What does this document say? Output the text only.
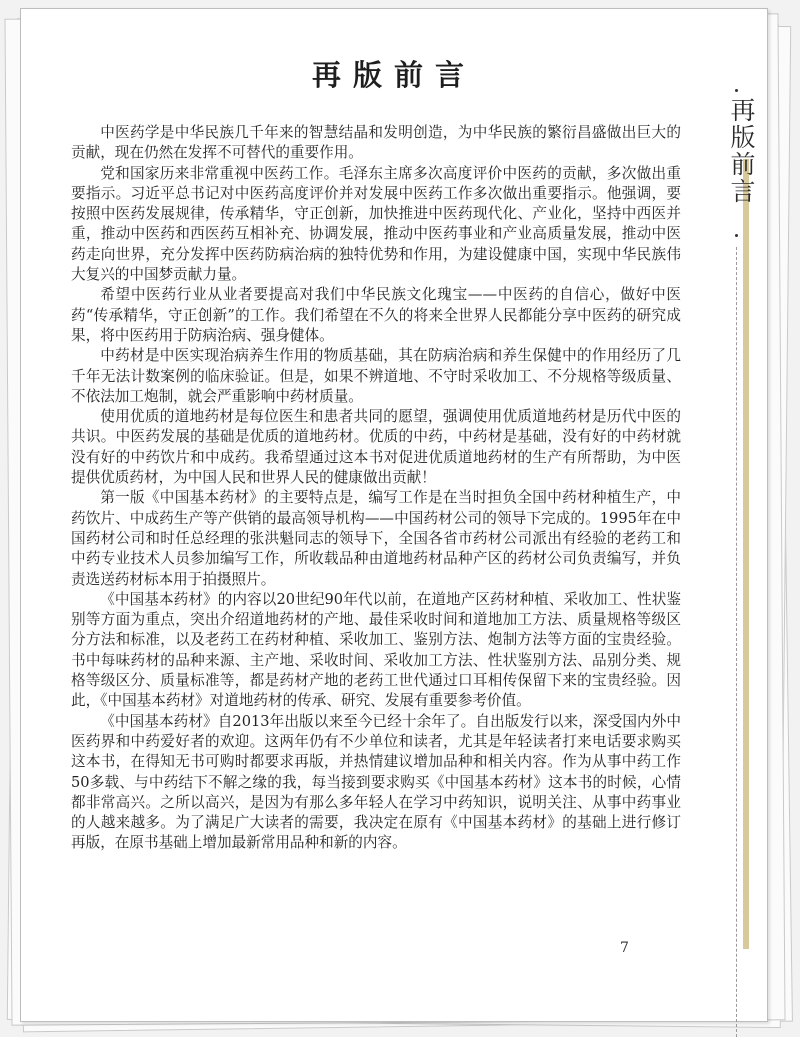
再版前言
再版前言

中医药学是中华民族几千年来的智慧结晶和发明创造，为中华民族的繁衍昌盛做出巨大的贡献，现在仍然在发挥不可替代的重要作用。

党和国家历来非常重视中医药工作。毛泽东主席多次高度评价中医药的贡献，多次做出重要指示。习近平总书记对中医药高度评价并对发展中医药工作多次做出重要指示。他强调，要按照中医药发展规律，传承精华，守正创新，加快推进中医药现代化、产业化，坚持中西医并重，推动中医药和西医药互相补充、协调发展，推动中医药事业和产业高质量发展，推动中医药走向世界，充分发挥中医药防病治病的独特优势和作用，为建设健康中国，实现中华民族伟大复兴的中国梦贡献力量。

希望中医药行业从业者要提高对我们中华民族文化瑰宝——中医药的自信心，做好中医药“传承精华，守正创新”的工作。我们希望在不久的将来全世界人民都能分享中医药的研究成果，将中医药用于防病治病、强身健体。

中药材是中医实现治病养生作用的物质基础，其在防病治病和养生保健中的作用经历了几千年无法计数案例的临床验证。但是，如果不辨道地、不守时采收加工、不分规格等级质量、不依法加工炮制，就会严重影响中药材质量。

使用优质的道地药材是每位医生和患者共同的愿望，强调使用优质道地药材是历代中医的共识。中医药发展的基础是优质的道地药材。优质的中药，中药材是基础，没有好的中药材就没有好的中药饮片和中成药。我希望通过这本书对促进优质道地药材的生产有所帮助，为中医提供优质药材，为中国人民和世界人民的健康做出贡献！

第一版《中国基本药材》的主要特点是，编写工作是在当时担负全国中药材种植生产，中药饮片、中成药生产等产供销的最高领导机构——中国药材公司的领导下完成的。1995年在中国药材公司和时任总经理的张洪魁同志的领导下，全国各省市药材公司派出有经验的老药工和中药专业技术人员参加编写工作，所收载品种由道地药材品种产区的药材公司负责编写，并负责选送药材标本用于拍摄照片。

《中国基本药材》的内容以20世纪90年代以前，在道地产区药材种植、采收加工、性状鉴别等方面为重点，突出介绍道地药材的产地、最佳采收时间和道地加工方法、质量规格等级区分方法和标准，以及老药工在药材种植、采收加工、鉴别方法、炮制方法等方面的宝贵经验。书中每味药材的品种来源、主产地、采收时间、采收加工方法、性状鉴别方法、品别分类、规格等级区分、质量标准等，都是药材产地的老药工世代通过口耳相传保留下来的宝贵经验。因此，《中国基本药材》对道地药材的传承、研究、发展有重要参考价值。

《中国基本药材》自2013年出版以来至今已经十余年了。自出版发行以来，深受国内外中医药界和中药爱好者的欢迎。这两年仍有不少单位和读者，尤其是年轻读者打来电话要求购买这本书，在得知无书可购时都要求再版，并热情建议增加品种和相关内容。作为从事中药工作50多载、与中药结下不解之缘的我，每当接到要求购买《中国基本药材》这本书的时候，心情都非常高兴。之所以高兴，是因为有那么多年轻人在学习中药知识，说明关注、从事中药事业的人越来越多。为了满足广大读者的需要，我决定在原有《中国基本药材》的基础上进行修订再版，在原书基础上增加最新常用品种和新的内容。

7
